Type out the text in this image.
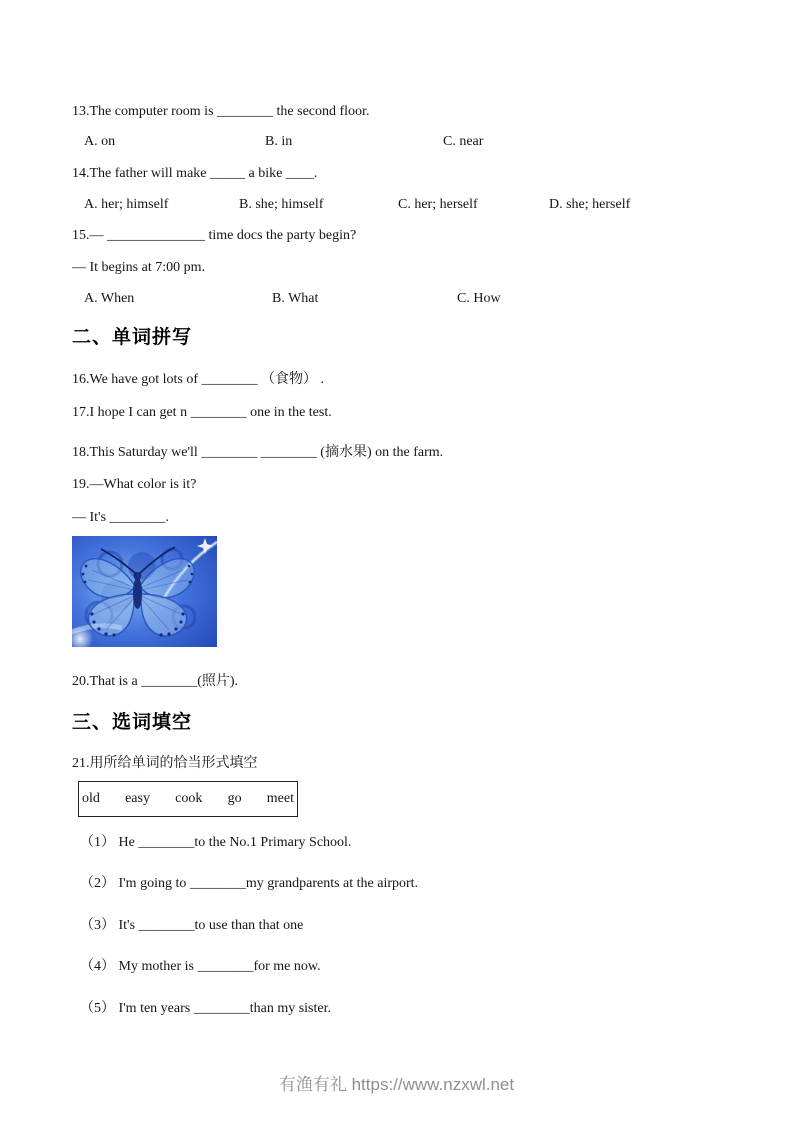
13.The computer room is ________ the second floor.
A. on	B. in	C. near
14.The father will make _____ a bike ____.
A. her; himself	B. she; himself	C. her; herself	D. she; herself
15.— ______________ time docs the party begin?
— It begins at 7:00 pm.
A. When	B. What	C. How
二、单词拼写
16.We have got lots of ________ （食物） .
17.I hope I can get n ________ one in the test.
18.This Saturday we'll ________ ________ (摘水果) on the farm.
19.—What color is it?
— It's ________.
20.That is a ________(照片).
三、选词填空
21.用所给单词的恰当形式填空
old easy cook go meet
（1） He ________to the No.1 Primary School.
（2） I'm going to ________my grandparents at the airport.
（3） It's ________to use than that one
（4） My mother is ________for me now.
（5） I'm ten years ________than my sister.
有渔有礼 https://www.nzxwl.net
